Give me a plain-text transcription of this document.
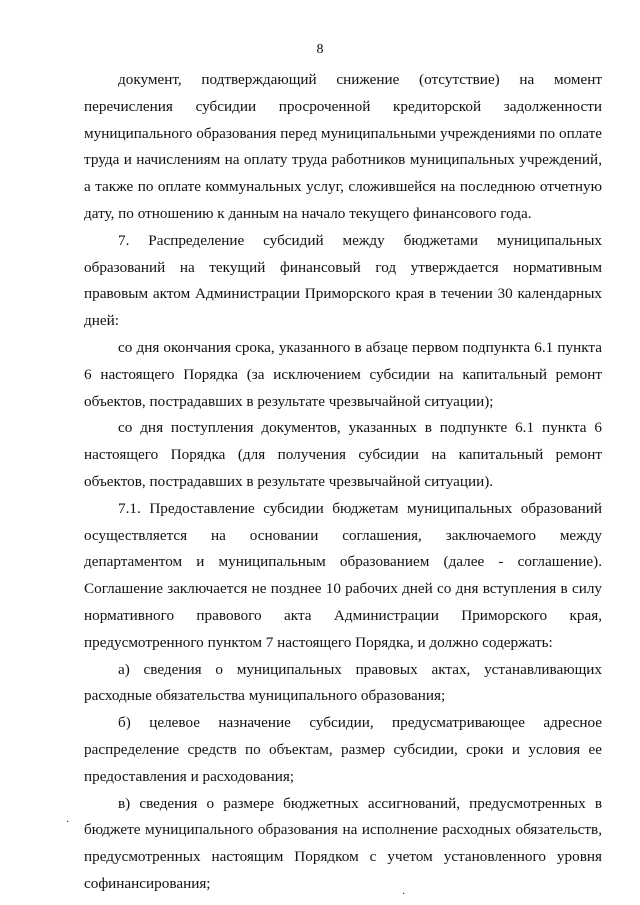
8

документ, подтверждающий снижение (отсутствие) на момент перечисления субсидии просроченной кредиторской задолженности муниципального образования перед муниципальными учреждениями по оплате труда и начислениям на оплату труда работников муниципальных учреждений, а также по оплате коммунальных услуг, сложившейся на последнюю отчетную дату, по отношению к данным на начало текущего финансового года.

7. Распределение субсидий между бюджетами муниципальных образований на текущий финансовый год утверждается нормативным правовым актом Администрации Приморского края в течении 30 календарных дней:

со дня окончания срока, указанного в абзаце первом подпункта 6.1 пункта 6 настоящего Порядка (за исключением субсидии на капитальный ремонт объектов, пострадавших в результате чрезвычайной ситуации);

со дня поступления документов, указанных в подпункте 6.1 пункта 6 настоящего Порядка (для получения субсидии на капитальный ремонт объектов, пострадавших в результате чрезвычайной ситуации).

7.1. Предоставление субсидии бюджетам муниципальных образований осуществляется на основании соглашения, заключаемого между департаментом и муниципальным образованием (далее - соглашение). Соглашение заключается не позднее 10 рабочих дней со дня вступления в силу нормативного правового акта Администрации Приморского края, предусмотренного пунктом 7 настоящего Порядка, и должно содержать:

а) сведения о муниципальных правовых актах, устанавливающих расходные обязательства муниципального образования;

б) целевое назначение субсидии, предусматривающее адресное распределение средств по объектам, размер субсидии, сроки и условия ее предоставления и расходования;

в) сведения о размере бюджетных ассигнований, предусмотренных в бюджете муниципального образования на исполнение расходных обязательств, предусмотренных настоящим Порядком с учетом установленного уровня софинансирования;

·
·
